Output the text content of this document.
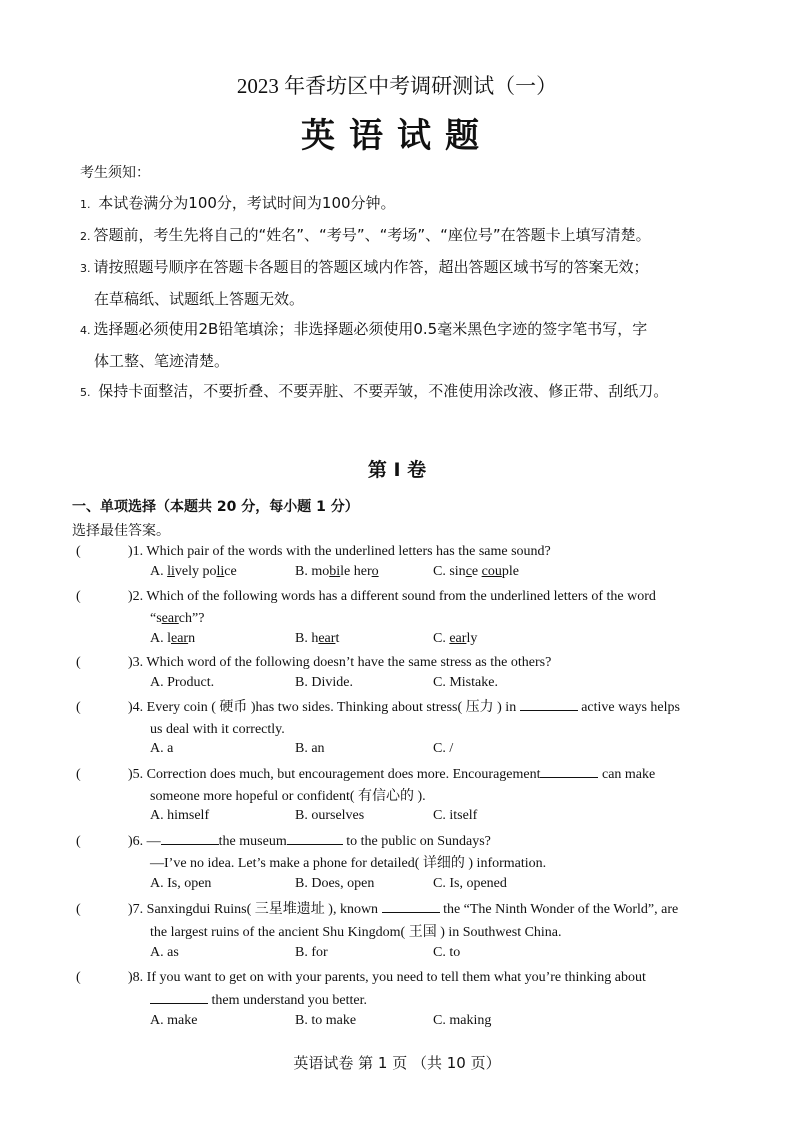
2023 年香坊区中考调研测试（一）
英语试题
考生须知：
1. 本试卷满分为100分，考试时间为100分钟。
2. 答题前，考生先将自己的“姓名”、“考号”、“考场”、“座位号”在答题卡上填写清楚。
3. 请按照题号顺序在答题卡各题目的答题区域内作答，超出答题区域书写的答案无效；
在草稿纸、试题纸上答题无效。
4. 选择题必须使用2B铅笔填涂；非选择题必须使用0.5毫米黑色字迹的签字笔书写，字
体工整、笔迹清楚。
5. 保持卡面整洁，不要折叠、不要弄脏、不要弄皱，不准使用涂改液、修正带、刮纸刀。
第 I 卷
一、单项选择（本题共 20 分，每小题 1 分）
选择最佳答案。
(	)1. Which pair of the words with the underlined letters has the same sound?
A. lively police	B. mobile hero	C. since couple
(	)2. Which of the following words has a different sound from the underlined letters of the word
“search”?
A. learn	B. heart	C. early
(	)3. Which word of the following doesn’t have the same stress as the others?
A. Product.	B. Divide.	C. Mistake.
(	)4. Every coin ( 硬币 )has two sides. Thinking about stress( 压力 ) in	active ways helps
us deal with it correctly.
A. a	B. an	C. /
(	)5. Correction does much, but encouragement does more. Encouragement	can make
someone more hopeful or confident( 有信心的 ).
A. himself	B. ourselves	C. itself
(	)6. —	the museum	to the public on Sundays?
—I’ve no idea. Let’s make a phone for detailed( 详细的 ) information.
A. Is, open	B. Does, open	C. Is, opened
(	)7. Sanxingdui Ruins( 三星堆遗址 ), known	the “The Ninth Wonder of the World”, are
the largest ruins of the ancient Shu Kingdom( 王国 ) in Southwest China.
A. as	B. for	C. to
(	)8. If you want to get on with your parents, you need to tell them what you’re thinking about
them understand you better.
A. make	B. to make	C. making
英语试卷 第 1 页 （共 10 页）
